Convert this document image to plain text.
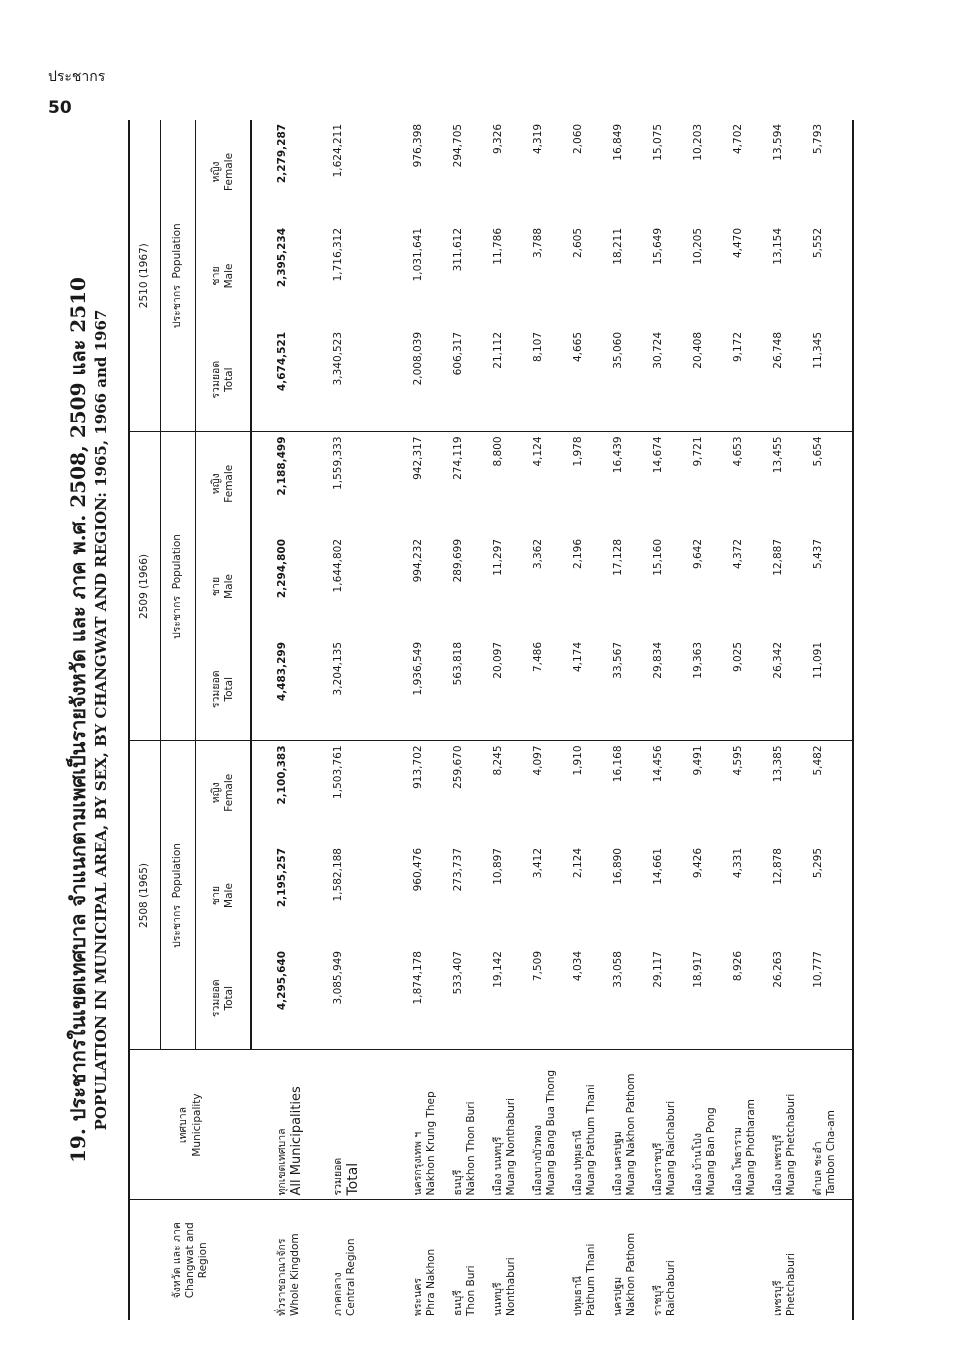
ประชากร
50
19. ประชากรในเขตเทศบาล จำแนกตามเพศเป็นรายจังหวัด และ ภาค พ.ศ. 2508, 2509 และ 2510 POPULATION IN MUNICIPAL AREA, BY SEX, BY CHANGWAT AND REGION: 1965, 1966 and 1967
จังหวัด และ ภาค Changwat and Region	เทศบาล Municipality	2508 (1965)			2509 (1966)			2510 (1967)		
		ประชากร  Population			ประชากร  Population			ประชากร  Population		

		รวมยอด Total	ชาย Male	หญิง Female	รวมยอด Total	ชาย Male	หญิง Female	รวมยอด Total	ชาย Male	หญิง Female

ทั่วราชอาณาจักร Whole Kingdom	ทุกเขตเทศบาล All Municipalities	4,295,640	2,195,257	2,100,383	4,483,299	2,294,800	2,188,499	4,674,521	2,395,234	2,279,287

ภาคกลาง Central Region	รวมยอด Total	3,085,949	1,582,188	1,503,761	3,204,135	1,644,802	1,559,333	3,340,523	1,716,312	1,624,211

พระนคร Phra Nakhon	นครกรุงเทพ ฯ Nakhon Krung Thep	1,874,178	960,476	913,702	1,936,549	994,232	942,317	2,008,039	1,031,641	976,398

ธนบุรี Thon Buri	ธนบุรี Nakhon Thon Buri	533,407	273,737	259,670	563,818	289,699	274,119	606,317	311,612	294,705

นนทบุรี Nonthaburi	เมือง นนทบุรี Muang Nonthaburi	19,142	10,897	8,245	20,097	11,297	8,800	21,112	11,786	9,326

	เมืองบางบัวทอง Muang Bang Bua Thong	7,509	3,412	4,097	7,486	3,362	4,124	8,107	3,788	4,319

ปทุมธานี Pathum Thani	เมือง ปทุมธานี Muang Pathum Thani	4,034	2,124	1,910	4,174	2,196	1,978	4,665	2,605	2,060

นครปฐม Nakhon Pathom	เมือง นครปฐม Muang Nakhon Pathom	33,058	16,890	16,168	33,567	17,128	16,439	35,060	18,211	16,849

ราชบุรี Raichaburi	เมืองราชบุรี Muang Raichaburi	29,117	14,661	14,456	29,834	15,160	14,674	30,724	15,649	15,075

	เมือง บ้านโป่ง Muang Ban Pong	18,917	9,426	9,491	19,363	9,642	9,721	20,408	10,205	10,203

	เมือง โพธาราม Muang Photharam	8,926	4,331	4,595	9,025	4,372	4,653	9,172	4,470	4,702

เพชรบุรี Phetchaburi	เมือง เพชรบุรี Muang Phetchaburi	26,263	12,878	13,385	26,342	12,887	13,455	26,748	13,154	13,594

	ตำบล ชะอำ Tambon Cha-am	10,777	5,295	5,482	11,091	5,437	5,654	11,345	5,552	5,793
